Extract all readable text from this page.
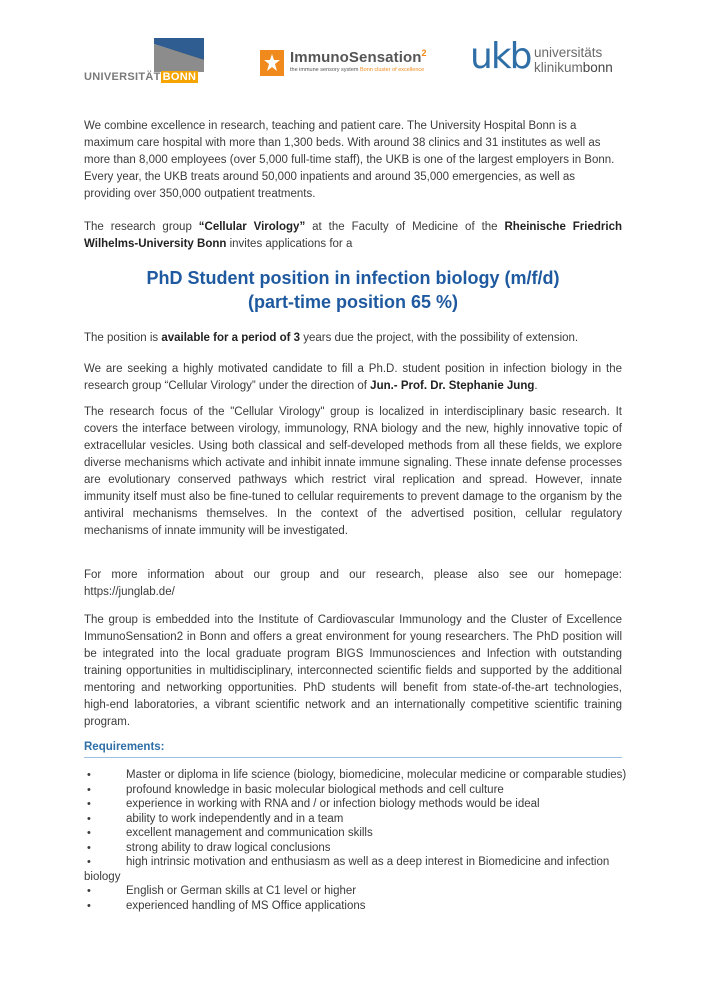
UNIVERSITÄT BONN
ImmunoSensation$^2$
the immune sensory system Bonn cluster of excellence ukb universitäts
klinikumbonn

We combine excellence in research, teaching and patient care. The University Hospital Bonn is a maximum care hospital with more than 1,300 beds. With around 38 clinics and 31 institutes as well as more than 8,000 employees (over 5,000 full-time staff), the UKB is one of the largest employers in Bonn. Every year, the UKB treats around 50,000 inpatients and around 35,000 emergencies, as well as providing over 350,000 outpatient treatments.

The research group “Cellular Virology” at the Faculty of Medicine of the Rheinische Friedrich Wilhelms-University Bonn invites applications for a

PhD Student position in infection biology (m/f/d)
(part-time position 65 %)

The position is available for a period of 3 years due the project, with the possibility of extension.

We are seeking a highly motivated candidate to fill a Ph.D. student position in infection biology in the research group “Cellular Virology” under the direction of Jun.- Prof. Dr. Stephanie Jung.

The research focus of the "Cellular Virology" group is localized in interdisciplinary basic research. It covers the interface between virology, immunology, RNA biology and the new, highly innovative topic of extracellular vesicles. Using both classical and self-developed methods from all these fields, we explore diverse mechanisms which activate and inhibit innate immune signaling. These innate defense processes are evolutionary conserved pathways which restrict viral replication and spread. However, innate immunity itself must also be fine-tuned to cellular requirements to prevent damage to the organism by the antiviral mechanisms themselves. In the context of the advertised position, cellular regulatory mechanisms of innate immunity will be investigated.

For more information about our group and our research, please also see our homepage:

https://junglab.de/

The group is embedded into the Institute of Cardiovascular Immunology and the Cluster of Excellence ImmunoSensation2 in Bonn and offers a great environment for young researchers. The PhD position will be integrated into the local graduate program BIGS Immunosciences and Infection with outstanding training opportunities in multidisciplinary, interconnected scientific fields and supported by the additional mentoring and networking opportunities. PhD students will benefit from state-of-the-art technologies, high-end laboratories, a vibrant scientific network and an internationally competitive scientific training program.

Requirements:
•	Master or diploma in life science (biology, biomedicine, molecular medicine or comparable studies)
•	profound knowledge in basic molecular biological methods and cell culture
•	experience in working with RNA and / or infection biology methods would be ideal
•	ability to work independently and in a team
•	excellent management and communication skills
•	strong ability to draw logical conclusions
•	high intrinsic motivation and enthusiasm as well as a deep interest in Biomedicine and infection biology
•	English or German skills at C1 level or higher
•	experienced handling of MS Office applications
